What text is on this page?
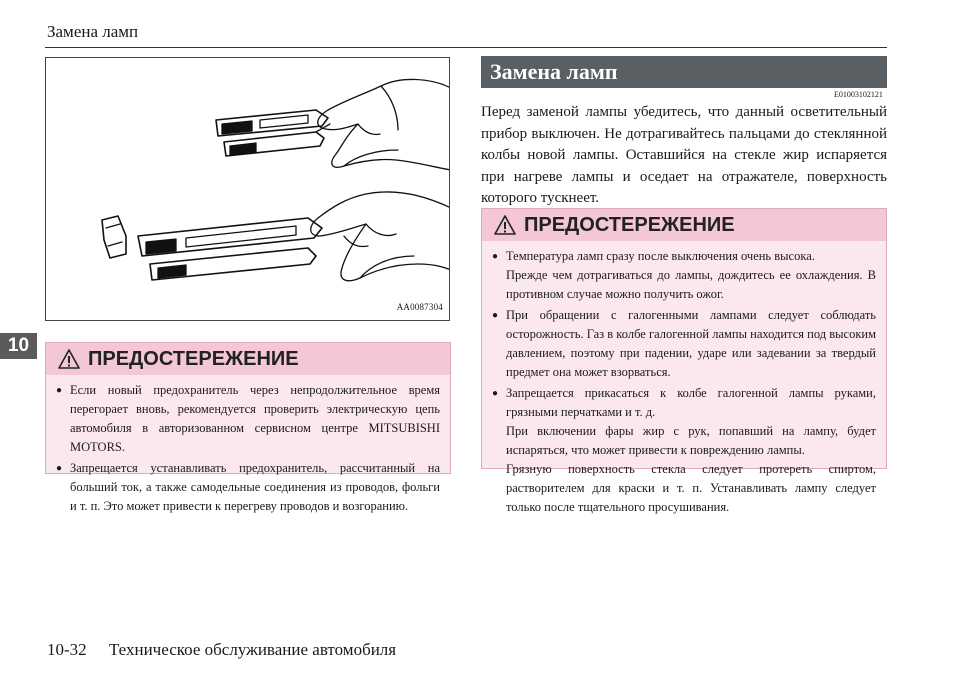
Замена ламп
10
AA0087304
ПРЕДОСТЕРЕЖЕНИЕ

● Если новый предохранитель через непродолжительное время перегорает вновь, рекомендуется проверить электрическую цепь автомобиля в авторизованном сервисном центре MITSUBISHI MOTORS.

● Запрещается устанавливать предохранитель, рассчитанный на больший ток, а также самодельные соединения из проводов, фольги и т. п. Это может привести к перегреву проводов и возгоранию.

Замена ламп
E01003102121

Перед заменой лампы убедитесь, что данный осветительный прибор выключен. Не дотрагивайтесь пальцами до стеклянной колбы новой лампы. Оставшийся на стекле жир испаряется при нагреве лампы и оседает на отражателе, поверхность которого тускнеет.

ПРЕДОСТЕРЕЖЕНИЕ

● Температура ламп сразу после выключения очень высока.

Прежде чем дотрагиваться до лампы, дождитесь ее охлаждения. В противном случае можно получить ожог.

● При обращении с галогенными лампами следует соблюдать осторожность. Газ в колбе галогенной лампы находится под высоким давлением, поэтому при падении, ударе или задевании за твердый предмет она может взорваться.

● Запрещается прикасаться к колбе галогенной лампы руками, грязными перчатками и т. д.

При включении фары жир с рук, попавший на лампу, будет испаряться, что может привести к повреждению лампы.

Грязную поверхность стекла следует протереть спиртом, растворителем для краски и т. п. Устанавливать лампу следует только после тщательного просушивания.

10-32 Техническое обслуживание автомобиля
